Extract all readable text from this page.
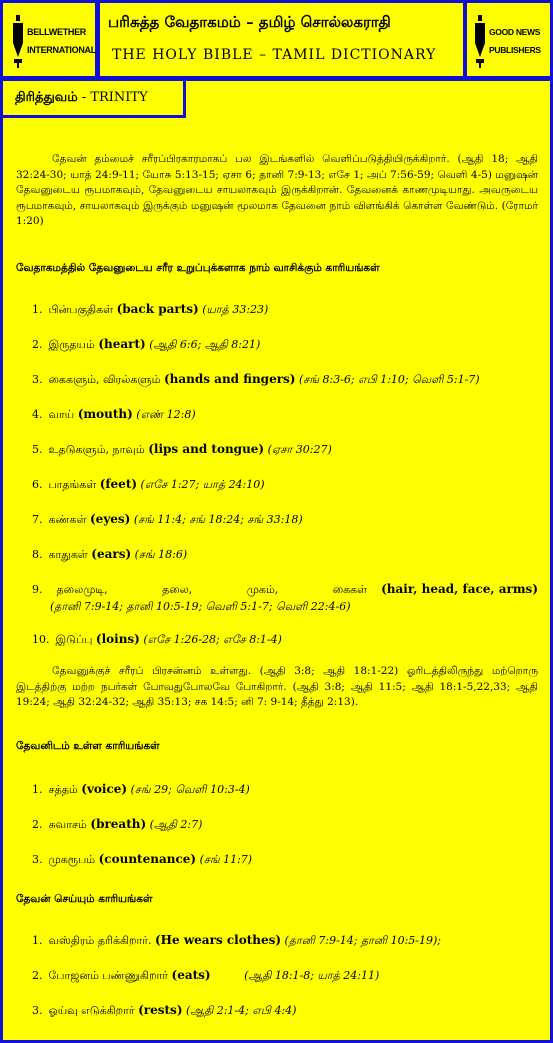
BELLWETHER
INTERNATIONAL
பரிசுத்த வேதாகமம் – தமிழ் சொல்லகராதி
THE HOLY BIBLE – TAMIL DICTIONARY
GOOD NEWS
PUBLISHERS
திரித்துவம் - TRINITY
தேவன் தம்மைச் சரீரப்பிரகாரமாகப் பல இடங்களில் வெளிப்படுத்தியிருக்கிறார். (ஆதி 18; ஆதி 32:24-30; யாத் 24:9-11; யோசு 5:13-15; ஏசா 6; தானி 7:9-13; எசே 1; அப் 7:56-59; வெளி 4-5) மனுஷன் தேவனுடைய ரூபமாகவும், தேவனுடைய சாயலாகவும் இருக்கிறான். தேவனைக் காணமுடியாது. அவருடைய ரூபமாகவும், சாயலாகவும் இருக்கும் மனுஷன் மூலமாக தேவனை நாம் விளங்கிக் கொள்ள வேண்டும். (ரோமர் 1:20)
வேதாகமத்தில் தேவனுடைய சரீர உறுப்புக்களாக நாம் வாசிக்கும் காரியங்கள்
1. பின்பகுதிகள் (back parts) (யாத் 33:23)
2. இருதயம் (heart) (ஆதி 6:6; ஆதி 8:21)
3. கைகளும், விரல்களும் (hands and fingers) (சங் 8:3-6; எபி 1:10; வெளி 5:1-7)
4. வாய் (mouth) (எண் 12:8)
5. உதடுகளும், நாவும் (lips and tongue) (ஏசா 30:27)
6. பாதங்கள் (feet) (எசே 1:27; யாத் 24:10)
7. கண்கள் (eyes) (சங் 11:4; சங் 18:24; சங் 33:18)
8. காதுகள் (ears) (சங் 18:6)
9. தலைமுடி, தலை, முகம், கைகள் (hair, head, face, arms)
(தானி 7:9-14; தானி 10:5-19; வெளி 5:1-7; வெளி 22:4-6)
10. இடுப்பு (loins) (எசே 1:26-28; எசே 8:1-4)
தேவனுக்குச் சரீரப் பிரசன்னம் உள்ளது. (ஆதி 3:8; ஆதி 18:1-22) ஓரிடத்திலிருந்து மற்றொரு இடத்திற்கு மற்ற நபர்கள் போவதுபோலவே போகிறார். (ஆதி 3:8; ஆதி 11:5; ஆதி 18:1-5,22,33; ஆதி 19:24; ஆதி 32:24-32; ஆதி 35:13; சக 14:5; னி 7: 9-14; தீத்து 2:13).
தேவனிடம் உள்ள காரியங்கள்
1. சத்தம் (voice) (சங் 29; வெளி 10:3-4)
2. சுவாசம் (breath) (ஆதி 2:7)
3. முகரூபம் (countenance) (சங் 11:7)
தேவன் செய்யும் காரியங்கள்
1. வஸ்திரம் தரிக்கிறார். (He wears clothes) (தானி 7:9-14; தானி 10:5-19);
2. போஜனம் பண்ணுகிறார் (eats)	(ஆதி 18:1-8; யாத் 24:11)
3. ஓய்வு எடுக்கிறார் (rests) (ஆதி 2:1-4; எபி 4:4)
